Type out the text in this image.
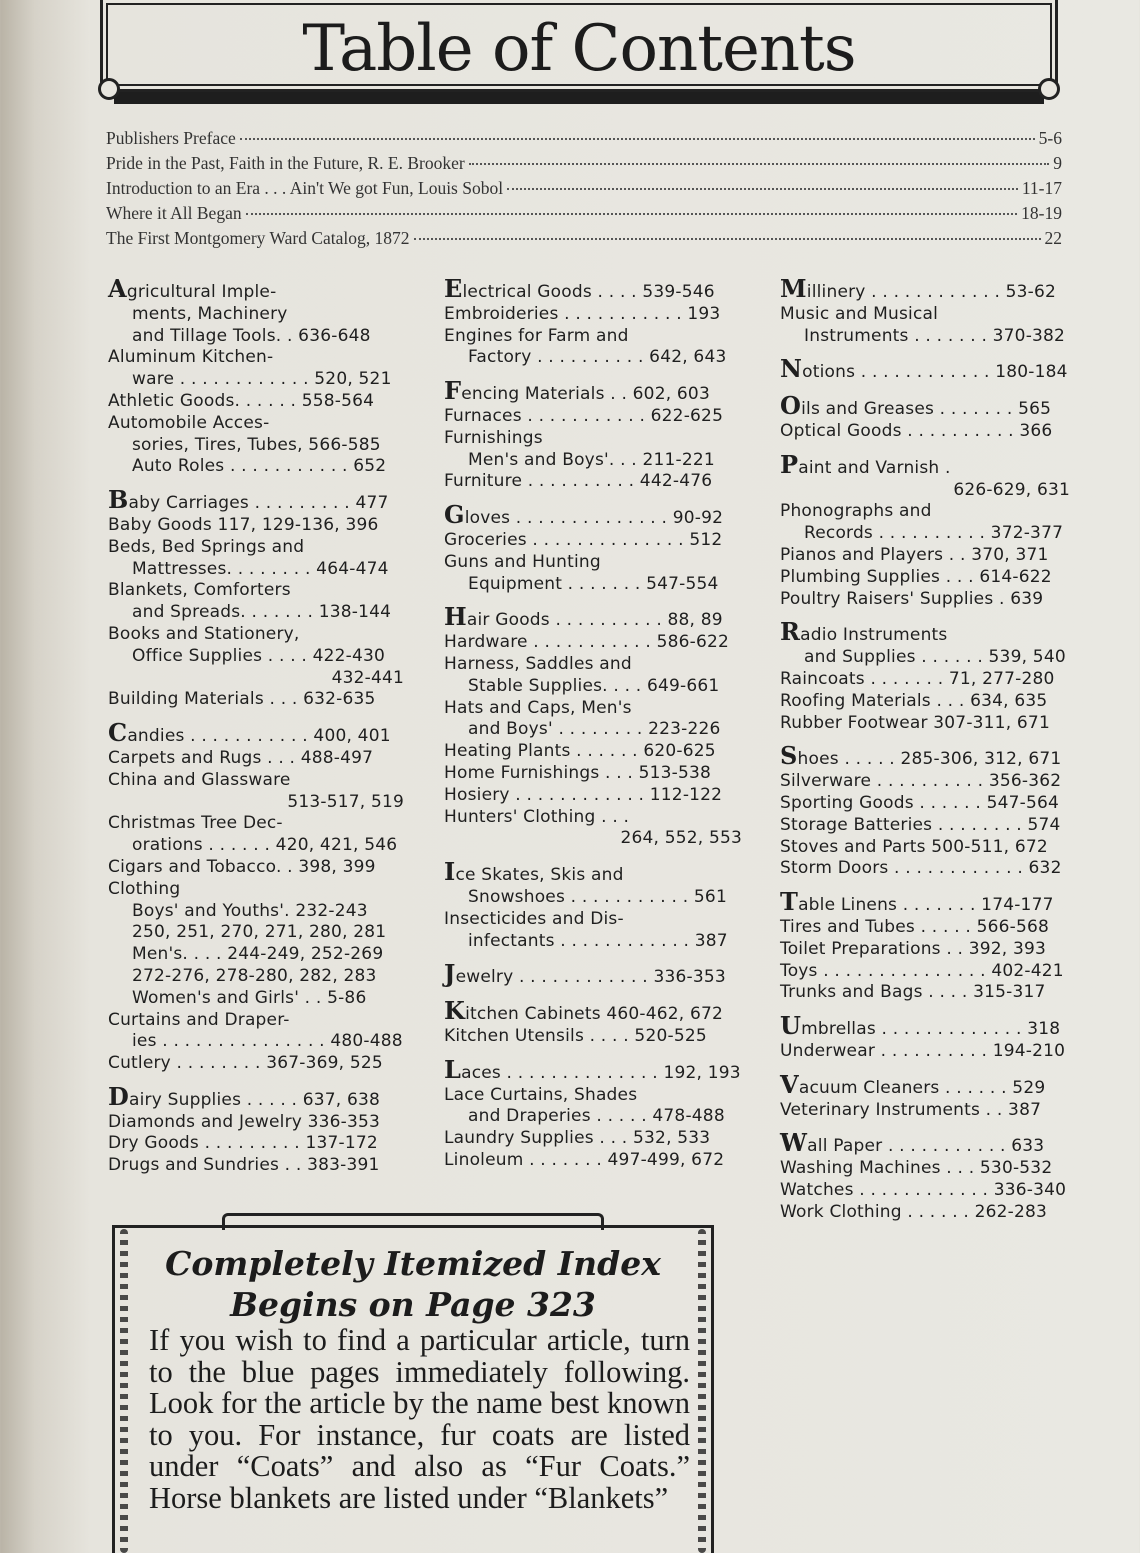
Table of Contents
Publishers Preface	5-6
Pride in the Past, Faith in the Future, R. E. Brooker	9
Introduction to an Era . . . Ain't We got Fun, Louis Sobol	11-17
Where it All Began	18-19
The First Montgomery Ward Catalog, 1872	22
Agricultural Imple-
ments, Machinery
and Tillage Tools. . 636-648
Aluminum Kitchen-
ware . . . . . . . . . . . . 520, 521
Athletic Goods. . . . . . 558-564
Automobile Acces-
sories, Tires, Tubes, 566-585
Auto Roles . . . . . . . . . . . 652
Baby Carriages . . . . . . . . . 477
Baby Goods 117, 129-136, 396
Beds, Bed Springs and
Mattresses. . . . . . . . 464-474
Blankets, Comforters
and Spreads. . . . . . . 138-144
Books and Stationery,
Office Supplies . . . . 422-430
432-441
Building Materials . . . 632-635
Candies . . . . . . . . . . . 400, 401
Carpets and Rugs . . . 488-497
China and Glassware
513-517, 519
Christmas Tree Dec-
orations . . . . . . 420, 421, 546
Cigars and Tobacco. . 398, 399
Clothing
Boys' and Youths'. 232-243
250, 251, 270, 271, 280, 281
Men's. . . . 244-249, 252-269
272-276, 278-280, 282, 283
Women's and Girls' . . 5-86
Curtains and Draper-
ies . . . . . . . . . . . . . . . 480-488
Cutlery . . . . . . . . 367-369, 525
Dairy Supplies . . . . . 637, 638
Diamonds and Jewelry 336-353
Dry Goods . . . . . . . . . 137-172
Drugs and Sundries . . 383-391
Electrical Goods . . . . 539-546
Embroideries . . . . . . . . . . . 193
Engines for Farm and
Factory . . . . . . . . . . 642, 643
Fencing Materials . . 602, 603
Furnaces . . . . . . . . . . . 622-625
Furnishings
Men's and Boys'. . . 211-221
Furniture . . . . . . . . . . 442-476
Gloves . . . . . . . . . . . . . . 90-92
Groceries . . . . . . . . . . . . . . 512
Guns and Hunting
Equipment . . . . . . . 547-554
Hair Goods . . . . . . . . . . 88, 89
Hardware . . . . . . . . . . . 586-622
Harness, Saddles and
Stable Supplies. . . . 649-661
Hats and Caps, Men's
and Boys' . . . . . . . . 223-226
Heating Plants . . . . . . 620-625
Home Furnishings . . . 513-538
Hosiery . . . . . . . . . . . . 112-122
Hunters' Clothing . . .
264, 552, 553
Ice Skates, Skis and
Snowshoes . . . . . . . . . . . 561
Insecticides and Dis-
infectants . . . . . . . . . . . . 387
Jewelry . . . . . . . . . . . . 336-353
Kitchen Cabinets 460-462, 672
Kitchen Utensils . . . . 520-525
Laces . . . . . . . . . . . . . . 192, 193
Lace Curtains, Shades
and Draperies . . . . . 478-488
Laundry Supplies . . . 532, 533
Linoleum . . . . . . . 497-499, 672
Millinery . . . . . . . . . . . . 53-62
Music and Musical
Instruments . . . . . . . 370-382
Notions . . . . . . . . . . . . 180-184
Oils and Greases . . . . . . . 565
Optical Goods . . . . . . . . . . 366
Paint and Varnish .
626-629, 631
Phonographs and
Records . . . . . . . . . . 372-377
Pianos and Players . . 370, 371
Plumbing Supplies . . . 614-622
Poultry Raisers' Supplies . 639
Radio Instruments
and Supplies . . . . . . 539, 540
Raincoats . . . . . . . 71, 277-280
Roofing Materials . . . 634, 635
Rubber Footwear 307-311, 671
Shoes . . . . . 285-306, 312, 671
Silverware . . . . . . . . . . 356-362
Sporting Goods . . . . . . 547-564
Storage Batteries . . . . . . . . 574
Stoves and Parts 500-511, 672
Storm Doors . . . . . . . . . . . . 632
Table Linens . . . . . . . 174-177
Tires and Tubes . . . . . 566-568
Toilet Preparations . . 392, 393
Toys . . . . . . . . . . . . . . . 402-421
Trunks and Bags . . . . 315-317
Umbrellas . . . . . . . . . . . . . 318
Underwear . . . . . . . . . . 194-210
Vacuum Cleaners . . . . . . 529
Veterinary Instruments . . 387
Wall Paper . . . . . . . . . . . 633
Washing Machines . . . 530-532
Watches . . . . . . . . . . . . 336-340
Work Clothing . . . . . . 262-283
Completely Itemized Index
Begins on Page 323
If you wish to find a particular article, turn to the blue pages immediately following. Look for the article by the name best known to you. For instance, fur coats are listed under “Coats” and also as “Fur Coats.” Horse blankets are listed under “Blankets”
